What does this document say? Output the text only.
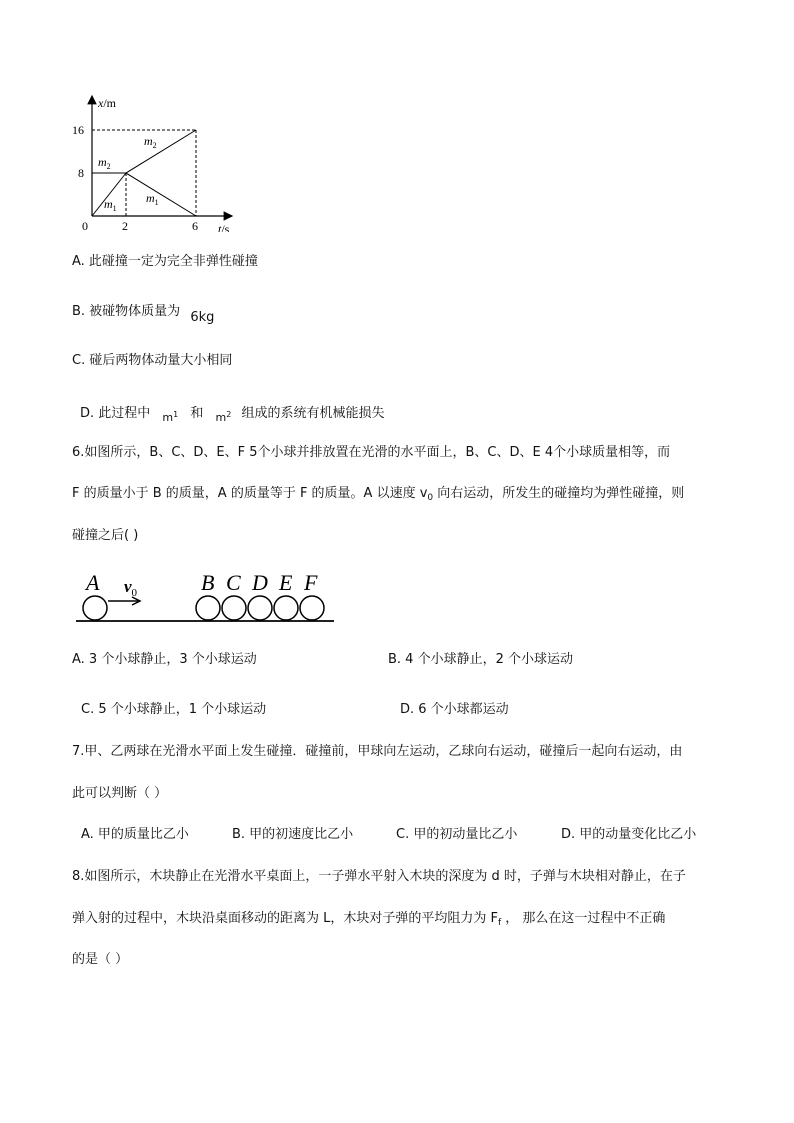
x/m
t/s
0
16
8
2	6
$m_2$
$m_2$
$m_1$
$m_1$
A. 此碰撞一定为完全非弹性碰撞
B. 被碰物体质量为 6kg
C. 碰后两物体动量大小相同
D. 此过程中 $_{m^1}$ 和 $_{m^2}$ 组成的系统有机械能损失
6.如图所示，B、C、D、E、F 5个小球并排放置在光滑的水平面上，B、C、D、E 4个小球质量相等，而
F 的质量小于 B 的质量，A 的质量等于 F 的质量。A 以速度 $v_0$ 向右运动，所发生的碰撞均为弹性碰撞，则
碰撞之后( )
A $v_0$	B C D E F
A. 3 个小球静止，3 个小球运动	B. 4 个小球静止，2 个小球运动
C. 5 个小球静止，1 个小球运动	D. 6 个小球都运动
7.甲、乙两球在光滑水平面上发生碰撞．碰撞前，甲球向左运动，乙球向右运动，碰撞后一起向右运动，由
此可以判断（ ）
A. 甲的质量比乙小	B. 甲的初速度比乙小	C. 甲的初动量比乙小	D. 甲的动量变化比乙小
8.如图所示，木块静止在光滑水平桌面上，一子弹水平射入木块的深度为 d 时，子弹与木块相对静止，在子
弹入射的过程中，木块沿桌面移动的距离为 L，木块对子弹的平均阻力为 $F_f$ ， 那么在这一过程中不正确
的是（ ）
